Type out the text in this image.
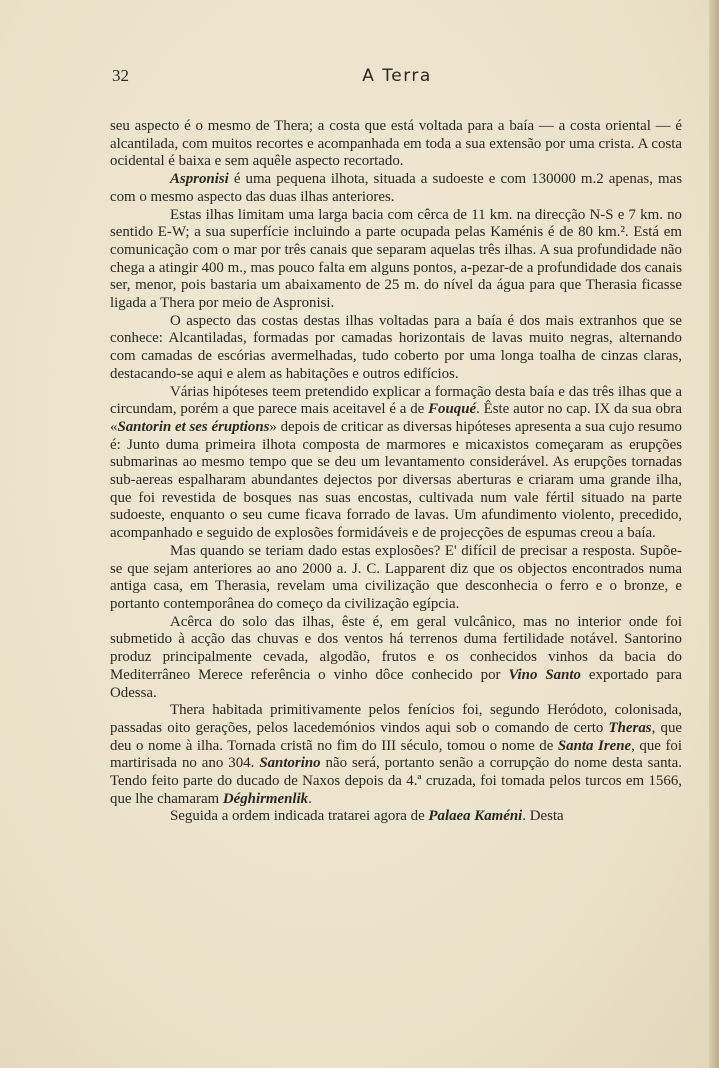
32	A Terra

seu aspecto é o mesmo de Thera; a costa que está voltada para a baía — a costa oriental — é alcantilada, com muitos recortes e acompanhada em toda a sua extensão por uma crista. A costa ocidental é baixa e sem aquêle aspecto recortado.

Aspronisi é uma pequena ilhota, situada a sudoeste e com 130000 m.2 apenas, mas com o mesmo aspecto das duas ilhas anteriores.

Estas ilhas limitam uma larga bacia com cêrca de 11 km. na direcção N-S e 7 km. no sentido E-W; a sua superfície incluindo a parte ocupada pelas Kaménis é de 80 km.². Está em comunicação com o mar por três canais que separam aquelas três ilhas. A sua profundidade não chega a atingir 400 m., mas pouco falta em alguns pontos, a-pezar-de a profundidade dos canais ser, menor, pois bastaria um abaixamento de 25 m. do nível da água para que Therasia ficasse ligada a Thera por meio de Aspronisi.

O aspecto das costas destas ilhas voltadas para a baía é dos mais extranhos que se conhece: Alcantiladas, formadas por camadas horizontais de lavas muito negras, alternando com camadas de escórias avermelhadas, tudo coberto por uma longa toalha de cinzas claras, destacando-se aqui e alem as habitações e outros edifícios.

Várias hipóteses teem pretendido explicar a formação desta baía e das três ilhas que a circundam, porém a que parece mais aceitavel é a de Fouqué. Êste autor no cap. IX da sua obra «Santorin et ses éruptions» depois de criticar as diversas hipóteses apresenta a sua cujo resumo é: Junto duma primeira ilhota composta de marmores e micaxistos começaram as erupções submarinas ao mesmo tempo que se deu um levantamento considerável. As erupções tornadas sub-aereas espalharam abundantes dejectos por diversas aberturas e criaram uma grande ilha, que foi revestida de bosques nas suas encostas, cultivada num vale fértil situado na parte sudoeste, enquanto o seu cume ficava forrado de lavas. Um afundimento violento, precedido, acompanhado e seguido de explosões formidáveis e de projecções de espumas creou a baía.

Mas quando se teriam dado estas explosões? E' difícil de precisar a resposta. Supõe-se que sejam anteriores ao ano 2000 a. J. C. Lapparent diz que os objectos encontrados numa antiga casa, em Therasia, revelam uma civilização que desconhecia o ferro e o bronze, e portanto contemporânea do começo da civilização egípcia.

Acêrca do solo das ilhas, êste é, em geral vulcânico, mas no interior onde foi submetido à acção das chuvas e dos ventos há terrenos duma fertilidade notável. Santorino produz principalmente cevada, algodão, frutos e os conhecidos vinhos da bacia do Mediterrâneo Merece referência o vinho dôce conhecido por Vino Santo exportado para Odessa.

Thera habitada primitivamente pelos fenícios foi, segundo Heródoto, colonisada, passadas oito gerações, pelos lacedemónios vindos aqui sob o comando de certo Theras, que deu o nome à ilha. Tornada cristã no fim do III século, tomou o nome de Santa Irene, que foi martirisada no ano 304. Santorino não será, portanto senão a corrupção do nome desta santa. Tendo feito parte do ducado de Naxos depois da 4.ª cruzada, foi tomada pelos turcos em 1566, que lhe chamaram Déghirmenlik.

Seguida a ordem indicada tratarei agora de Palaea Kaméni. Desta
